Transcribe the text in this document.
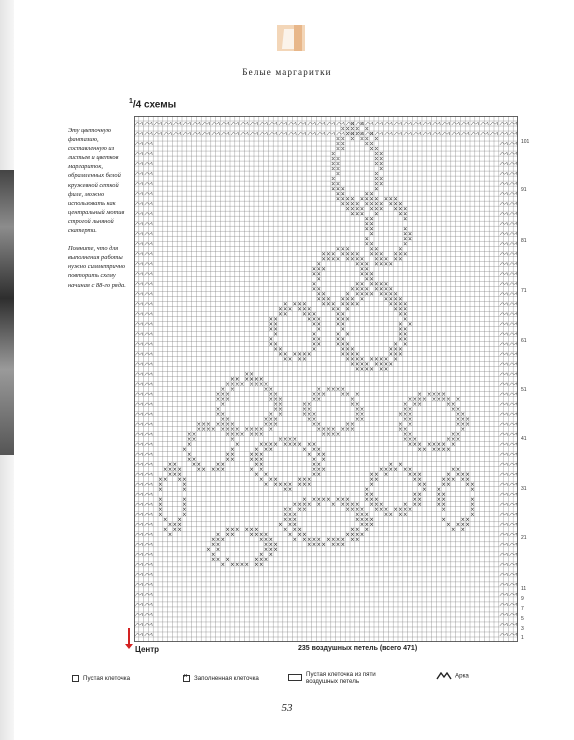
Белые маргаритки
$^1$/4 схемы

Эту цветочную фантазию, составленную из листьев и цветков маргариток, обрамленных белой кружевной сеткой филе, можно использовать как центральный мотив строгой льняной скатерти.

Помните, что для выполнения работы нужно симметрично повторить схему начиная с 88-го ряда.

101
91
81
71
61
51
41
31
21
11
9
7
5
3
1
Центр	235 воздушных петель (всего 471)
Пустая клеточка
×	Заполненная клеточка
Пустая клеточка из пяти воздушных петель
Арка
53
